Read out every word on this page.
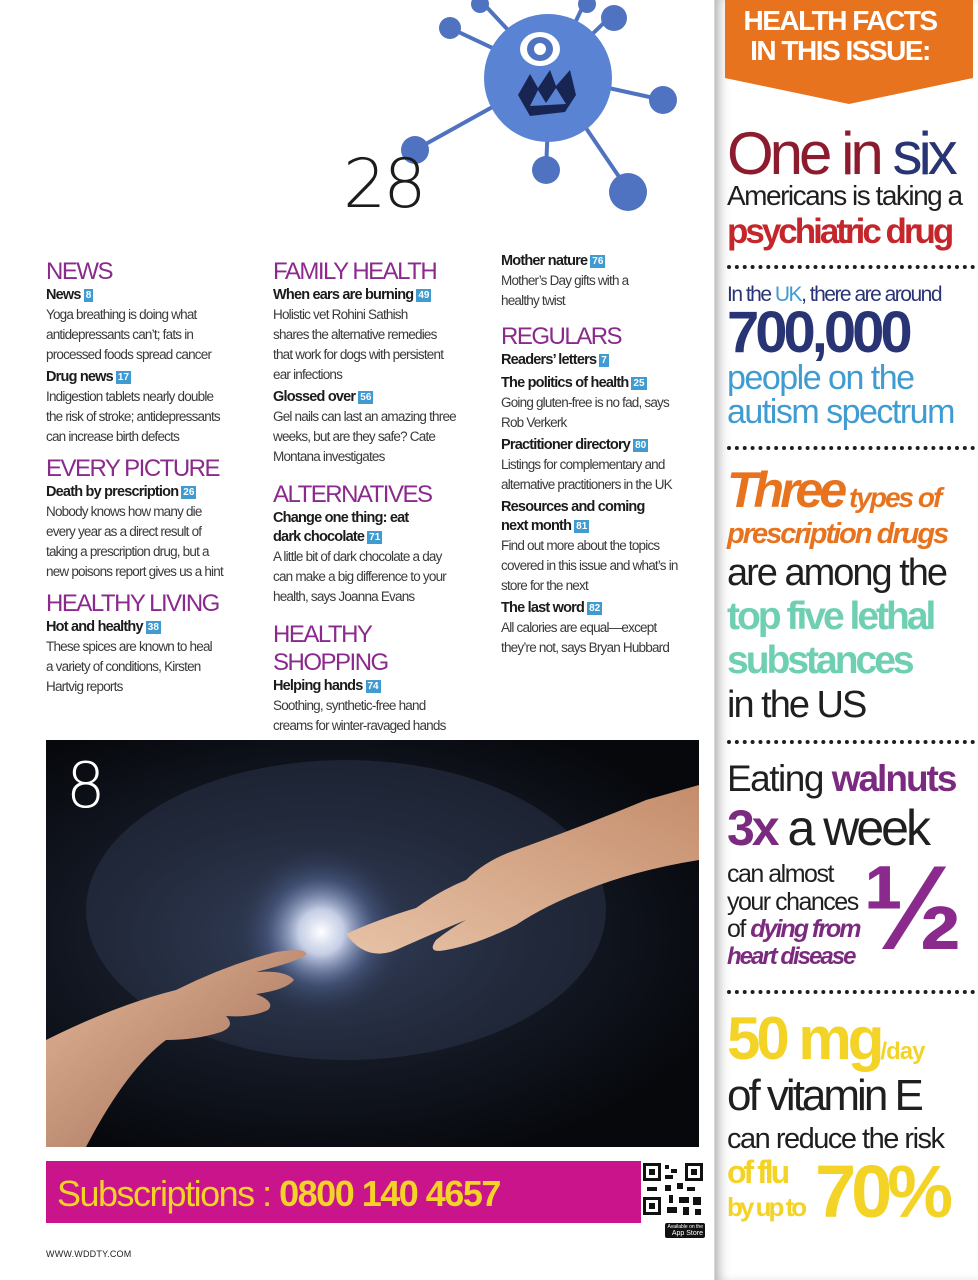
28
NEWS
News 8
Yoga breathing is doing what
antidepressants can’t; fats in
processed foods spread cancer
Drug news 17
Indigestion tablets nearly double
the risk of stroke; antidepressants
can increase birth defects
EVERY PICTURE
Death by prescription 26
Nobody knows how many die
every year as a direct result of
taking a prescription drug, but a
new poisons report gives us a hint
HEALTHY LIVING
Hot and healthy 38
These spices are known to heal
a variety of conditions, Kirsten
Hartvig reports
FAMILY HEALTH
When ears are burning 49
Holistic vet Rohini Sathish
shares the alternative remedies
that work for dogs with persistent
ear infections
Glossed over 56
Gel nails can last an amazing three
weeks, but are they safe? Cate
Montana investigates
ALTERNATIVES
Change one thing: eat
dark chocolate 71
A little bit of dark chocolate a day
can make a big difference to your
health, says Joanna Evans
HEALTHY SHOPPING
Helping hands 74
Soothing, synthetic-free hand
creams for winter-ravaged hands
Mother nature 76
Mother’s Day gifts with a
healthy twist
REGULARS
Readers’ letters 7
The politics of health 25
Going gluten-free is no fad, says
Rob Verkerk
Practitioner directory 80
Listings for complementary and
alternative practitioners in the UK
Resources and coming
next month 81
Find out more about the topics
covered in this issue and what’s in
store for the next
The last word 82
All calories are equal—except
they’re not, says Bryan Hubbard
8
Subscriptions : 0800 140 4657
Available on the
App Store
WWW.WDDTY.COM
HEALTH FACTS
IN THIS ISSUE:
One in six
Americans is taking a
psychiatric drug
In the UK, there are around
700,000
people on the
autism spectrum
Three types of
prescription drugs
are among the
top five lethal
substances
in the US
Eating walnuts
3x a week
can almost
your chances
of dying from
heart disease ½
50 mg/day
of vitamin E
can reduce the risk
of flu
by up to 70%
